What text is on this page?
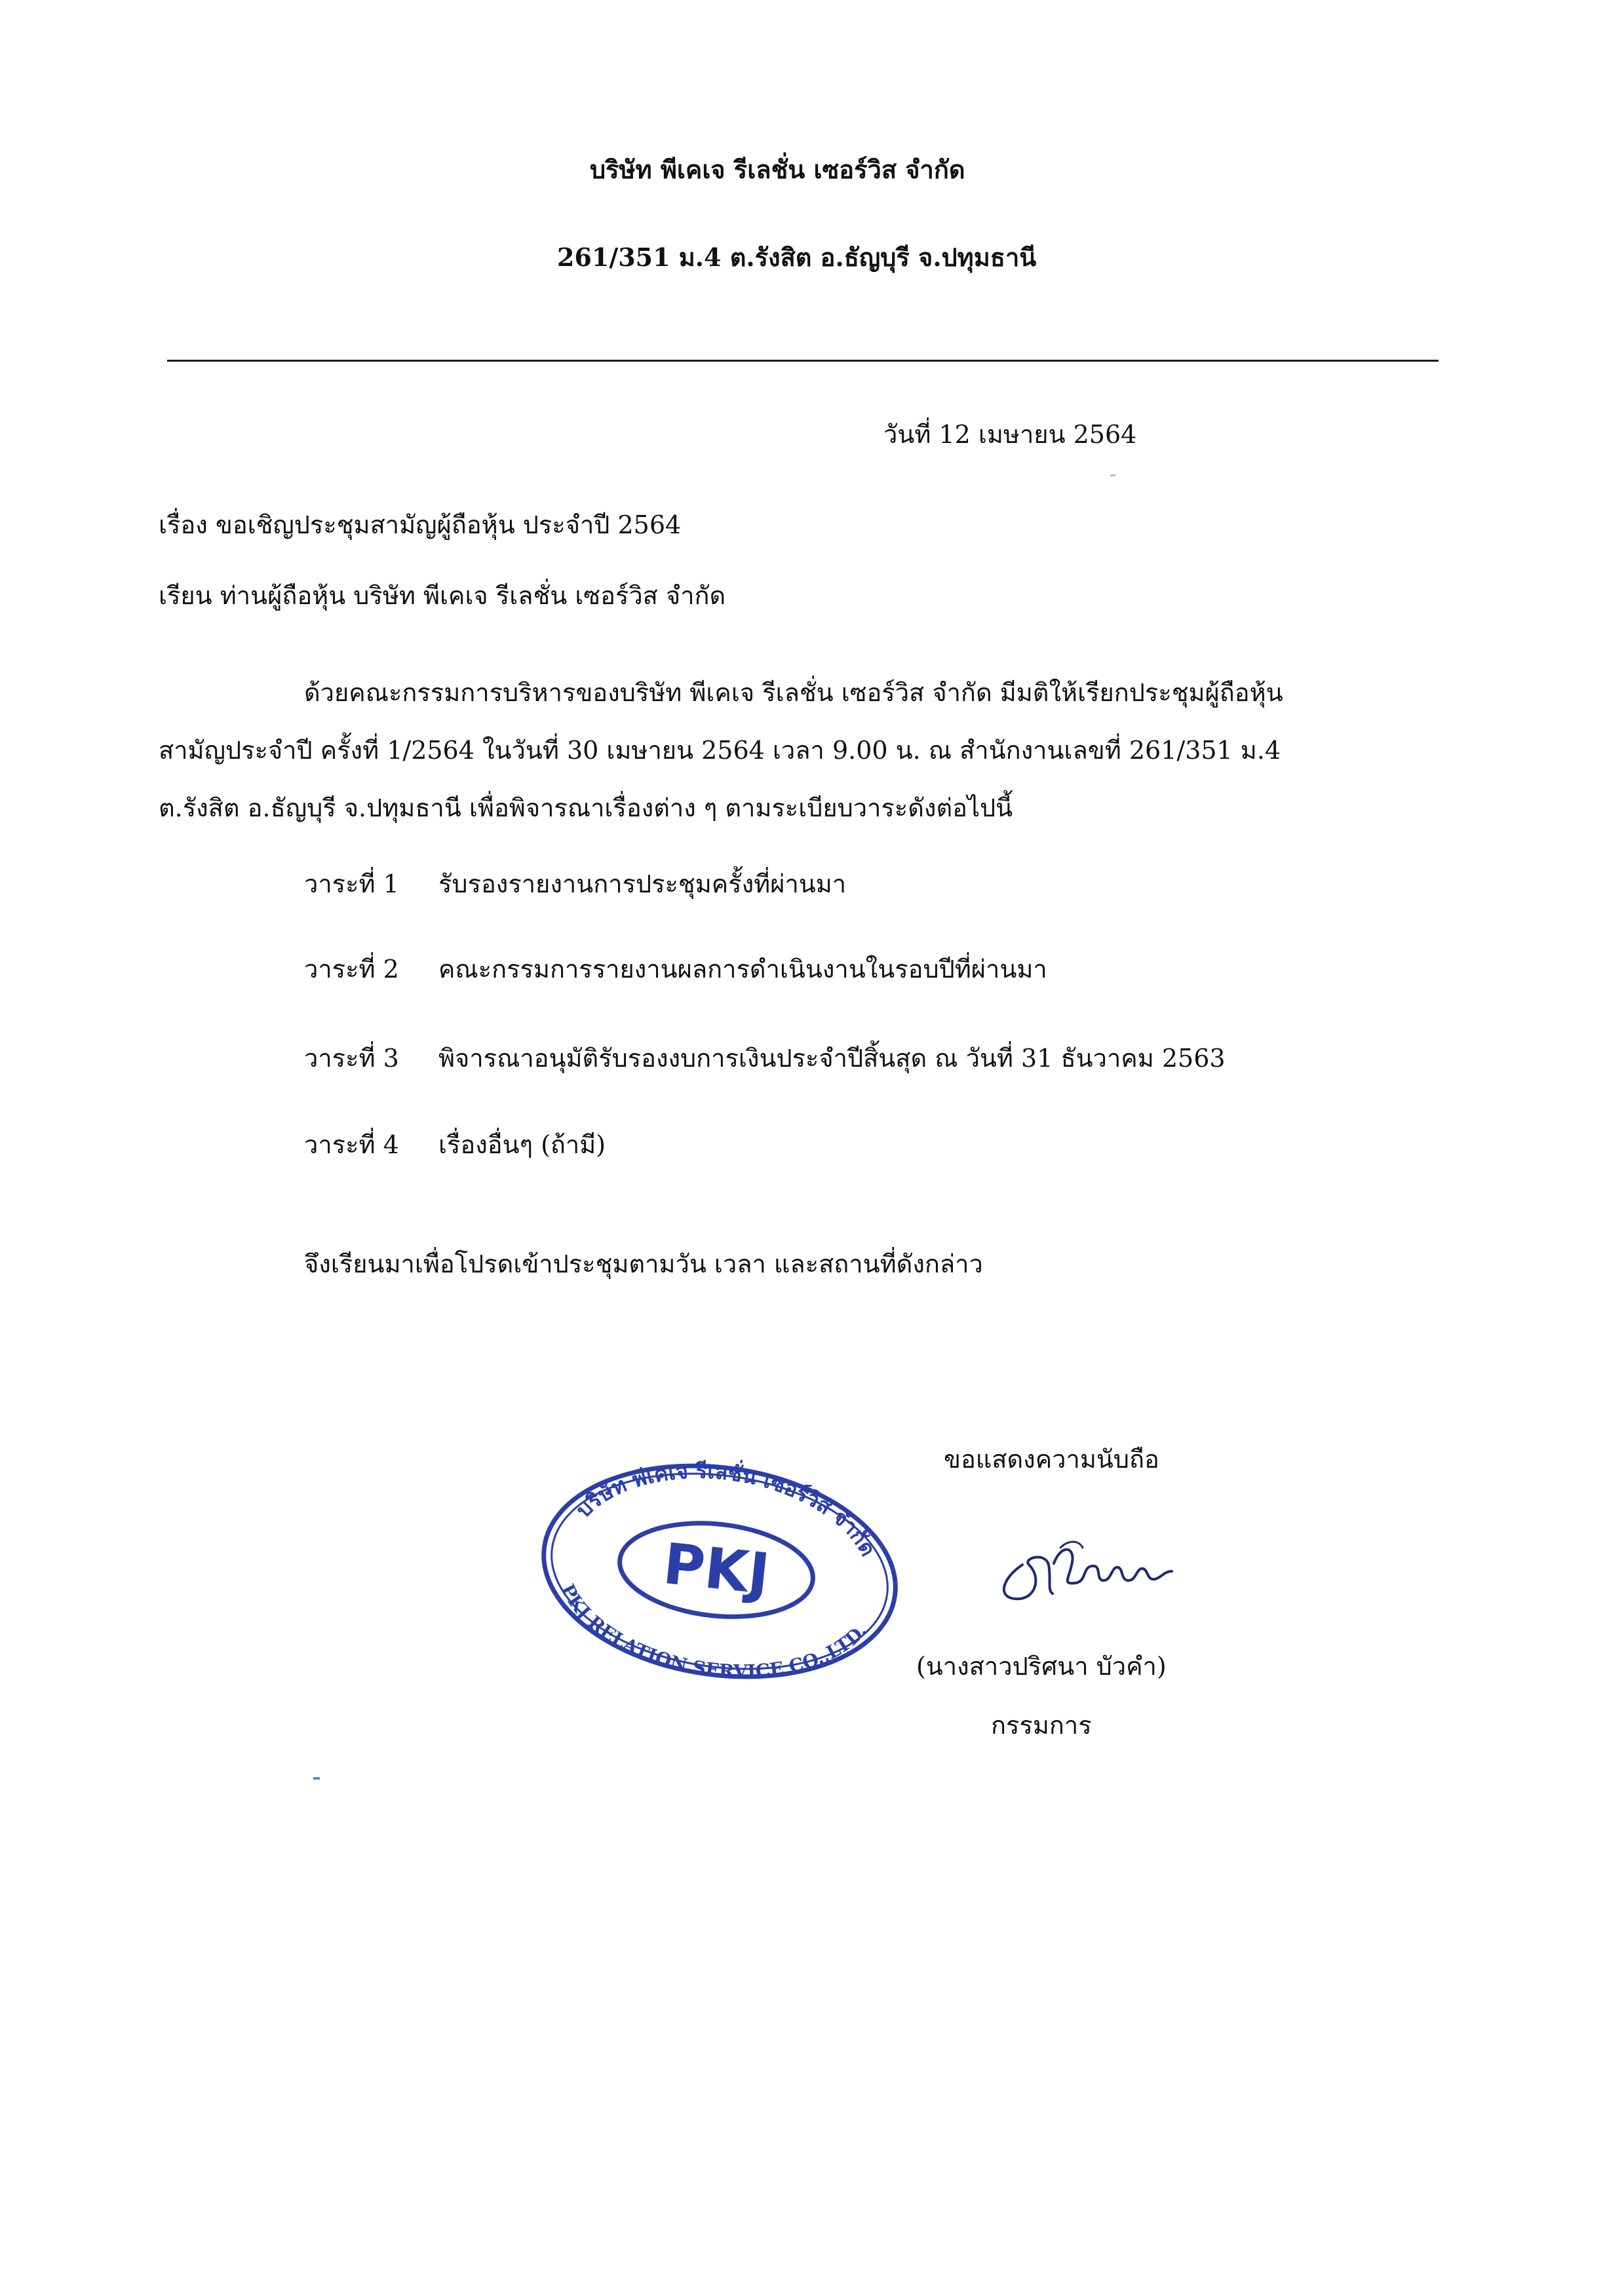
บริษัท พีเคเจ รีเลชั่น เซอร์วิส จำกัด
261/351 ม.4 ต.รังสิต อ.ธัญบุรี จ.ปทุมธานี
วันที่ 12 เมษายน 2564
เรื่อง ขอเชิญประชุมสามัญผู้ถือหุ้น ประจำปี 2564
เรียน ท่านผู้ถือหุ้น บริษัท พีเคเจ รีเลชั่น เซอร์วิส จำกัด
ด้วยคณะกรรมการบริหารของบริษัท พีเคเจ รีเลชั่น เซอร์วิส จำกัด มีมติให้เรียกประชุมผู้ถือหุ้น
สามัญประจำปี ครั้งที่ 1/2564 ในวันที่ 30 เมษายน 2564 เวลา 9.00 น. ณ สำนักงานเลขที่ 261/351 ม.4
ต.รังสิต อ.ธัญบุรี จ.ปทุมธานี เพื่อพิจารณาเรื่องต่าง ๆ ตามระเบียบวาระดังต่อไปนี้
วาระที่ 1 รับรองรายงานการประชุมครั้งที่ผ่านมา
วาระที่ 2 คณะกรรมการรายงานผลการดำเนินงานในรอบปีที่ผ่านมา
วาระที่ 3 พิจารณาอนุมัติรับรองงบการเงินประจำปีสิ้นสุด ณ วันที่ 31 ธันวาคม 2563
วาระที่ 4 เรื่องอื่นๆ (ถ้ามี)
จึงเรียนมาเพื่อโปรดเข้าประชุมตามวัน เวลา และสถานที่ดังกล่าว
ขอแสดงความนับถือ
PKJ
บริษัท พีเคเจ รีเลชั่น เซอร์วิส จำกัด
PKJ RELATION SERVICE CO.,LTD.
(นางสาวปริศนา บัวคำ)
กรรมการ
